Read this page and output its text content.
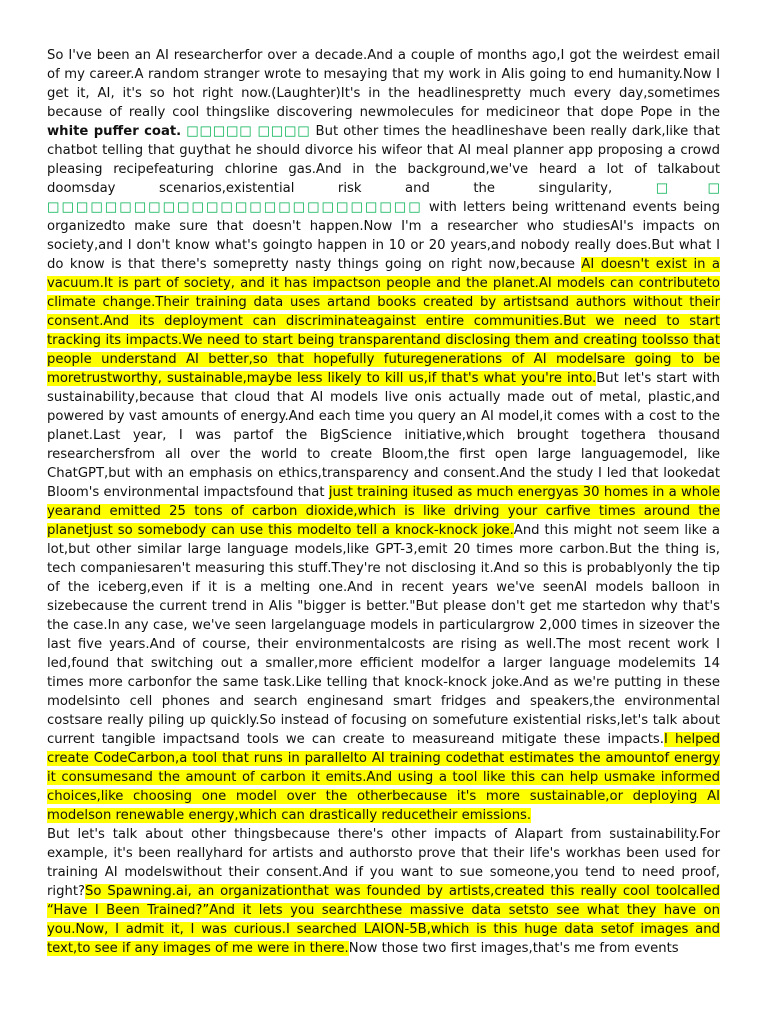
So I've been an AI researcherfor over a decade.And a couple of months ago,I got the weirdest email of my career.A random stranger wrote to mesaying that my work in AIis going to end humanity.Now I get it, AI, it's so hot right now.(Laughter)It's in the headlinespretty much every day,sometimes because of really cool thingslike discovering newmolecules for medicineor that dope Pope in the white puffer coat. □□□□□ □□□□ But other times the headlineshave been really dark,like that chatbot telling that guythat he should divorce his wifeor that AI meal planner app proposing a crowd pleasing recipefeaturing chlorine gas.And in the background,we've heard a lot of talkabout doomsday scenarios,existential risk and the singularity, □□ □□□□□□□□□□□□□□□□□□□□□□□□□□ with letters being writtenand events being organizedto make sure that doesn't happen.Now I'm a researcher who studiesAI's impacts on society,and I don't know what's goingto happen in 10 or 20 years,and nobody really does.But what I do know is that there's somepretty nasty things going on right now,because AI doesn't exist in a vacuum.It is part of society, and it has impactson people and the planet.AI models can contributeto climate change.Their training data uses artand books created by artistsand authors without their consent.And its deployment can discriminateagainst entire communities.But we need to start tracking its impacts.We need to start being transparentand disclosing them and creating toolsso that people understand AI better,so that hopefully futuregenerations of AI modelsare going to be moretrustworthy, sustainable,maybe less likely to kill us,if that's what you're into.But let's start with sustainability,because that cloud that AI models live onis actually made out of metal, plastic,and powered by vast amounts of energy.And each time you query an AI model,it comes with a cost to the planet.Last year, I was partof the BigScience initiative,which brought togethera thousand researchersfrom all over the world to create Bloom,the first open large languagemodel, like ChatGPT,but with an emphasis on ethics,transparency and consent.And the study I led that lookedat Bloom's environmental impactsfound that just training itused as much energyas 30 homes in a whole yearand emitted 25 tons of carbon dioxide,which is like driving your carfive times around the planetjust so somebody can use this modelto tell a knock-knock joke.And this might not seem like a lot,but other similar large language models,like GPT-3,emit 20 times more carbon.But the thing is, tech companiesaren't measuring this stuff.They're not disclosing it.And so this is probablyonly the tip of the iceberg,even if it is a melting one.And in recent years we've seenAI models balloon in sizebecause the current trend in AIis "bigger is better."But please don't get me startedon why that's the case.In any case, we've seen largelanguage models in particulargrow 2,000 times in sizeover the last five years.And of course, their environmentalcosts are rising as well.The most recent work I led,found that switching out a smaller,more efficient modelfor a larger language modelemits 14 times more carbonfor the same task.Like telling that knock-knock joke.And as we're putting in these modelsinto cell phones and search enginesand smart fridges and speakers,the environmental costsare really piling up quickly.So instead of focusing on somefuture existential risks,let's talk about current tangible impactsand tools we can create to measureand mitigate these impacts.I helped create CodeCarbon,a tool that runs in parallelto AI training codethat estimates the amountof energy it consumesand the amount of carbon it emits.And using a tool like this can help usmake informed choices,like choosing one model over the otherbecause it's more sustainable,or deploying AI modelson renewable energy,which can drastically reducetheir emissions.

But let's talk about other thingsbecause there's other impacts of AIapart from sustainability.For example, it's been reallyhard for artists and authorsto prove that their life's workhas been used for training AI modelswithout their consent.And if you want to sue someone,you tend to need proof, right?So Spawning.ai, an organizationthat was founded by artists,created this really cool toolcalled “Have I Been Trained?”And it lets you searchthese massive data setsto see what they have on you.Now, I admit it, I was curious.I searched LAION-5B,which is this huge data setof images and text,to see if any images of me were in there.Now those two first images,that's me from events
